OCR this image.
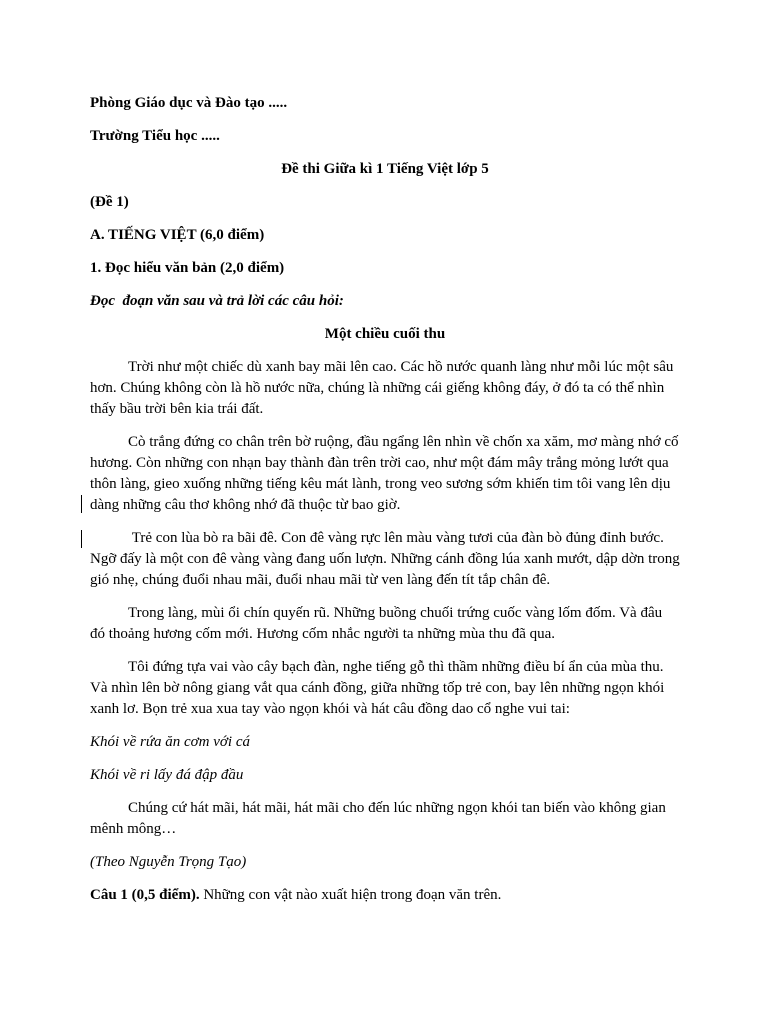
Phòng Giáo dục và Đào tạo .....
Trường Tiểu học .....
Đề thi Giữa kì 1 Tiếng Việt lớp 5
(Đề 1)
A. TIẾNG VIỆT (6,0 điểm)
1. Đọc hiểu văn bản (2,0 điểm)
Đọc  đoạn văn sau và trả lời các câu hỏi:
Một chiều cuối thu

Trời như một chiếc dù xanh bay mãi lên cao. Các hồ nước quanh làng như mỗi lúc một sâu hơn. Chúng không còn là hồ nước nữa, chúng là những cái giếng không đáy, ở đó ta có thể nhìn thấy bầu trời bên kia trái đất.

Cò trắng đứng co chân trên bờ ruộng, đầu ngẩng lên nhìn về chốn xa xăm, mơ màng nhớ cố hương. Còn những con nhạn bay thành đàn trên trời cao, như một đám mây trắng mỏng lướt qua thôn làng, gieo xuống những tiếng kêu mát lành, trong veo sương sớm khiến tim tôi vang lên dịu dàng những câu thơ không nhớ đã thuộc từ bao giờ.

Trẻ con lùa bò ra bãi đê. Con đê vàng rực lên màu vàng tươi của đàn bò đủng đỉnh bước. Ngỡ đấy là một con đê vàng vàng đang uốn lượn. Những cánh đồng lúa xanh mướt, dập dờn trong gió nhẹ, chúng đuổi nhau mãi, đuổi nhau mãi từ ven làng đến tít tắp chân đê.

Trong làng, mùi ổi chín quyến rũ. Những buồng chuối trứng cuốc vàng lốm đốm. Và đâu đó thoảng hương cốm mới. Hương cốm nhắc người ta những mùa thu đã qua.

Tôi đứng tựa vai vào cây bạch đàn, nghe tiếng gỗ thì thầm những điều bí ẩn của mùa thu. Và nhìn lên bờ nông giang vắt qua cánh đồng, giữa những tốp trẻ con, bay lên những ngọn khói xanh lơ. Bọn trẻ xua xua tay vào ngọn khói và hát câu đồng dao cổ nghe vui tai:

Khói về rứa ăn cơm với cá
Khói về ri lấy đá đập đầu

Chúng cứ hát mãi, hát mãi, hát mãi cho đến lúc những ngọn khói tan biến vào không gian mênh mông…

(Theo Nguyễn Trọng Tạo)
Câu 1 (0,5 điểm). Những con vật nào xuất hiện trong đoạn văn trên.
